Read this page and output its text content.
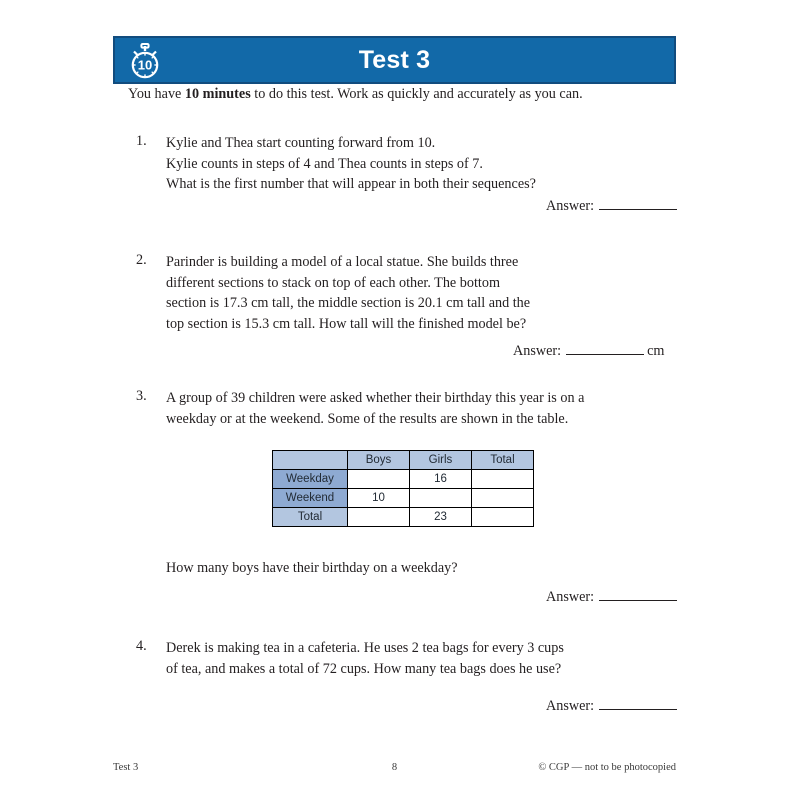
10	Test 3
You have 10 minutes to do this test. Work as quickly and accurately as you can.
1.	Kylie and Thea start counting forward from 10.
Kylie counts in steps of 4 and Thea counts in steps of 7.
What is the first number that will appear in both their sequences?
Answer:
2.	Parinder is building a model of a local statue. She builds three
different sections to stack on top of each other. The bottom
section is 17.3 cm tall, the middle section is 20.1 cm tall and the
top section is 15.3 cm tall. How tall will the finished model be?
Answer:	cm
3.	A group of 39 children were asked whether their birthday this year is on a
weekday or at the weekend. Some of the results are shown in the table.
	Boys	Girls	Total
Weekday		16	
Weekend	10		
Total		23	
How many boys have their birthday on a weekday?
Answer:
4.	Derek is making tea in a cafeteria. He uses 2 tea bags for every 3 cups
of tea, and makes a total of 72 cups. How many tea bags does he use?
Answer:
Test 3	8	© CGP — not to be photocopied
